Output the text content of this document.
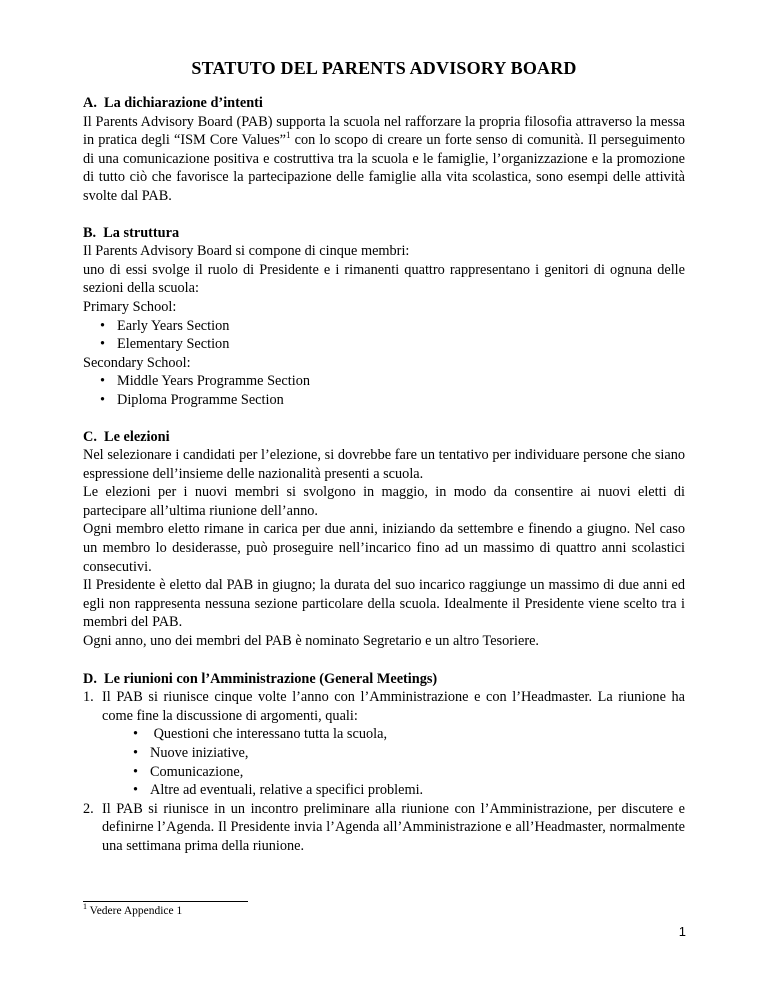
STATUTO DEL PARENTS ADVISORY BOARD

A.  La dichiarazione d’intenti

Il Parents Advisory Board (PAB) supporta la scuola nel rafforzare la propria filosofia attraverso la messa in pratica degli “ISM Core Values”$^1$ con lo scopo di creare un forte senso di comunità. Il perseguimento di una comunicazione positiva e costruttiva tra la scuola e le famiglie, l’organizzazione e la promozione di tutto ciò che favorisce la partecipazione delle famiglie alla vita scolastica, sono esempi delle attività svolte dal PAB.

B.  La struttura

Il Parents Advisory Board si compone di cinque membri:

uno di essi svolge il ruolo di Presidente e i rimanenti quattro rappresentano i genitori di ognuna delle sezioni della scuola:

Primary School:

• Early Years Section
• Elementary Section

Secondary School:

• Middle Years Programme Section
• Diploma Programme Section

C.  Le elezioni

Nel selezionare i candidati per l’elezione, si dovrebbe fare un tentativo per individuare persone che siano espressione dell’insieme delle nazionalità presenti a scuola.

Le elezioni per i nuovi membri si svolgono in maggio, in modo da consentire ai nuovi eletti di partecipare all’ultima riunione dell’anno.

Ogni membro eletto rimane in carica per due anni, iniziando da settembre e finendo a giugno. Nel caso un membro lo desiderasse, può proseguire nell’incarico fino ad un massimo di quattro anni scolastici consecutivi.

Il Presidente è eletto dal PAB in giugno; la durata del suo incarico raggiunge un massimo di due anni ed egli non rappresenta nessuna sezione particolare della scuola. Idealmente il Presidente viene scelto tra i membri del PAB.

Ogni anno, uno dei membri del PAB è nominato Segretario e un altro Tesoriere.

D.  Le riunioni con l’Amministrazione (General Meetings)

1. Il PAB si riunisce cinque volte l’anno con l’Amministrazione e con l’Headmaster. La riunione ha come fine la discussione di argomenti, quali:
•  Questioni che interessano tutta la scuola,
• Nuove iniziative,
• Comunicazione,
• Altre ad eventuali, relative a specifici problemi.
2. Il PAB si riunisce in un incontro preliminare alla riunione con l’Amministrazione, per discutere e definirne l’Agenda. Il Presidente invia l’Agenda all’Amministrazione e all’Headmaster, normalmente una settimana prima della riunione.
$^1$ Vedere Appendice 1
1
